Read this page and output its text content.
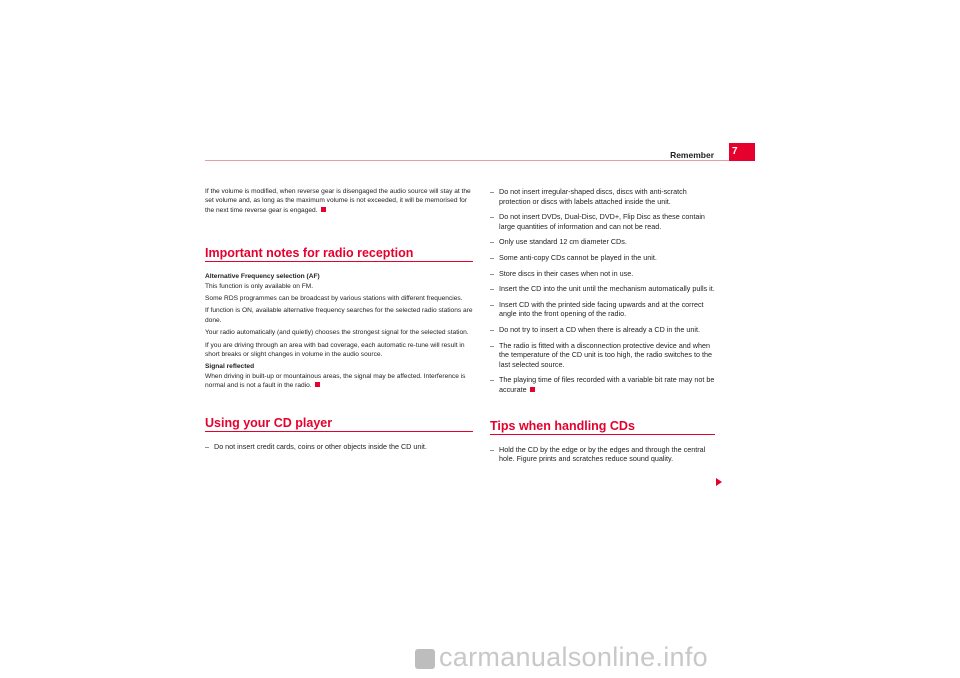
Remember	7

If the volume is modified, when reverse gear is disengaged the audio source will stay at the set volume and, as long as the maximum volume is not exceeded, it will be memorised for the next time reverse gear is engaged.

Important notes for radio reception

Alternative Frequency selection (AF)

This function is only available on FM.

Some RDS programmes can be broadcast by various stations with different frequencies.

If function is ON, available alternative frequency searches for the selected radio stations are done.

Your radio automatically (and quietly) chooses the strongest signal for the selected station.

If you are driving through an area with bad coverage, each automatic re-tune will result in short breaks or slight changes in volume in the audio source.

Signal reflected

When driving in built-up or mountainous areas, the signal may be affected. Interference is normal and is not a fault in the radio.

Using your CD player
– Do not insert credit cards, coins or other objects inside the CD unit.
– Do not insert irregular-shaped discs, discs with anti-scratch protection or discs with labels attached inside the unit.
– Do not insert DVDs, Dual-Disc, DVD+, Flip Disc as these contain large quantities of information and can not be read.
– Only use standard 12 cm diameter CDs.
– Some anti-copy CDs cannot be played in the unit.
– Store discs in their cases when not in use.
– Insert the CD into the unit until the mechanism automatically pulls it.
– Insert CD with the printed side facing upwards and at the correct angle into the front opening of the radio.
– Do not try to insert a CD when there is already a CD in the unit.
– The radio is fitted with a disconnection protective device and when the temperature of the CD unit is too high, the radio switches to the last selected source.
– The playing time of files recorded with a variable bit rate may not be accurate
Tips when handling CDs
– Hold the CD by the edge or by the edges and through the central hole. Figure prints and scratches reduce sound quality.
carmanualsonline.info
